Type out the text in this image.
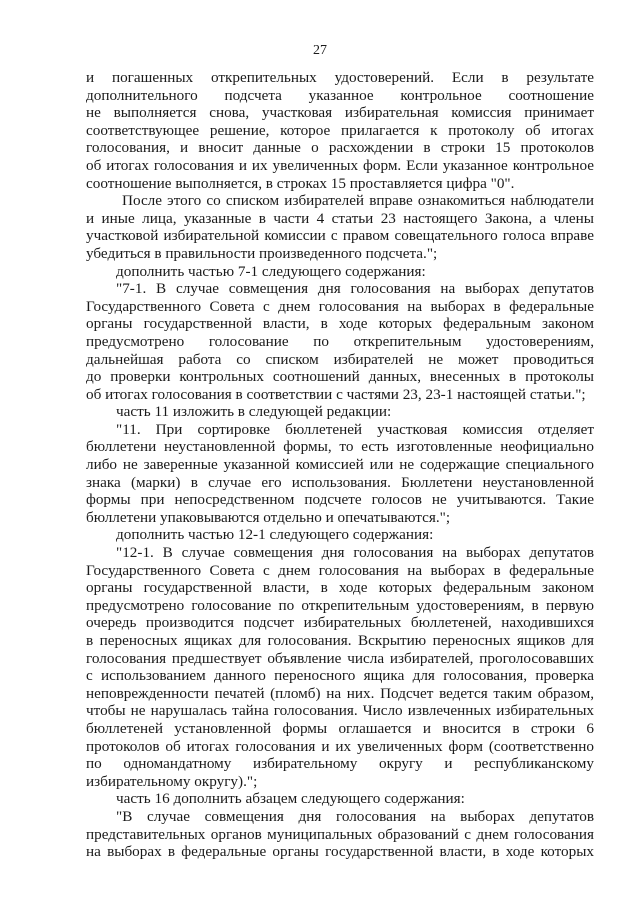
27
и погашенных открепительных удостоверений. Если в результате
дополнительного подсчета указанное контрольное соотношение
не выполняется снова, участковая избирательная комиссия принимает
соответствующее решение, которое прилагается к протоколу об итогах
голосования, и вносит данные о расхождении в строки 15 протоколов
об итогах голосования и их увеличенных форм. Если указанное контрольное
соотношение выполняется, в строках 15 проставляется цифра "0".
После этого со списком избирателей вправе ознакомиться наблюдатели
и иные лица, указанные в части 4 статьи 23 настоящего Закона, а члены
участковой избирательной комиссии с правом совещательного голоса вправе
убедиться в правильности произведенного подсчета.";
дополнить частью 7-1 следующего содержания:
"7-1. В случае совмещения дня голосования на выборах депутатов
Государственного Совета с днем голосования на выборах в федеральные
органы государственной власти, в ходе которых федеральным законом
предусмотрено голосование по открепительным удостоверениям,
дальнейшая работа со списком избирателей не может проводиться
до проверки контрольных соотношений данных, внесенных в протоколы
об итогах голосования в соответствии с частями 23, 23-1 настоящей статьи.";
часть 11 изложить в следующей редакции:
"11. При сортировке бюллетеней участковая комиссия отделяет
бюллетени неустановленной формы, то есть изготовленные неофициально
либо не заверенные указанной комиссией или не содержащие специального
знака (марки) в случае его использования. Бюллетени неустановленной
формы при непосредственном подсчете голосов не учитываются. Такие
бюллетени упаковываются отдельно и опечатываются.";
дополнить частью 12-1 следующего содержания:
"12-1. В случае совмещения дня голосования на выборах депутатов
Государственного Совета с днем голосования на выборах в федеральные
органы государственной власти, в ходе которых федеральным законом
предусмотрено голосование по открепительным удостоверениям, в первую
очередь производится подсчет избирательных бюллетеней, находившихся
в переносных ящиках для голосования. Вскрытию переносных ящиков для
голосования предшествует объявление числа избирателей, проголосовавших
с использованием данного переносного ящика для голосования, проверка
неповрежденности печатей (пломб) на них. Подсчет ведется таким образом,
чтобы не нарушалась тайна голосования. Число извлеченных избирательных
бюллетеней установленной формы оглашается и вносится в строки 6
протоколов об итогах голосования и их увеличенных форм (соответственно
по одномандатному избирательному округу и республиканскому
избирательному округу).";
часть 16 дополнить абзацем следующего содержания:
"В случае совмещения дня голосования на выборах депутатов
представительных органов муниципальных образований с днем голосования
на выборах в федеральные органы государственной власти, в ходе которых
